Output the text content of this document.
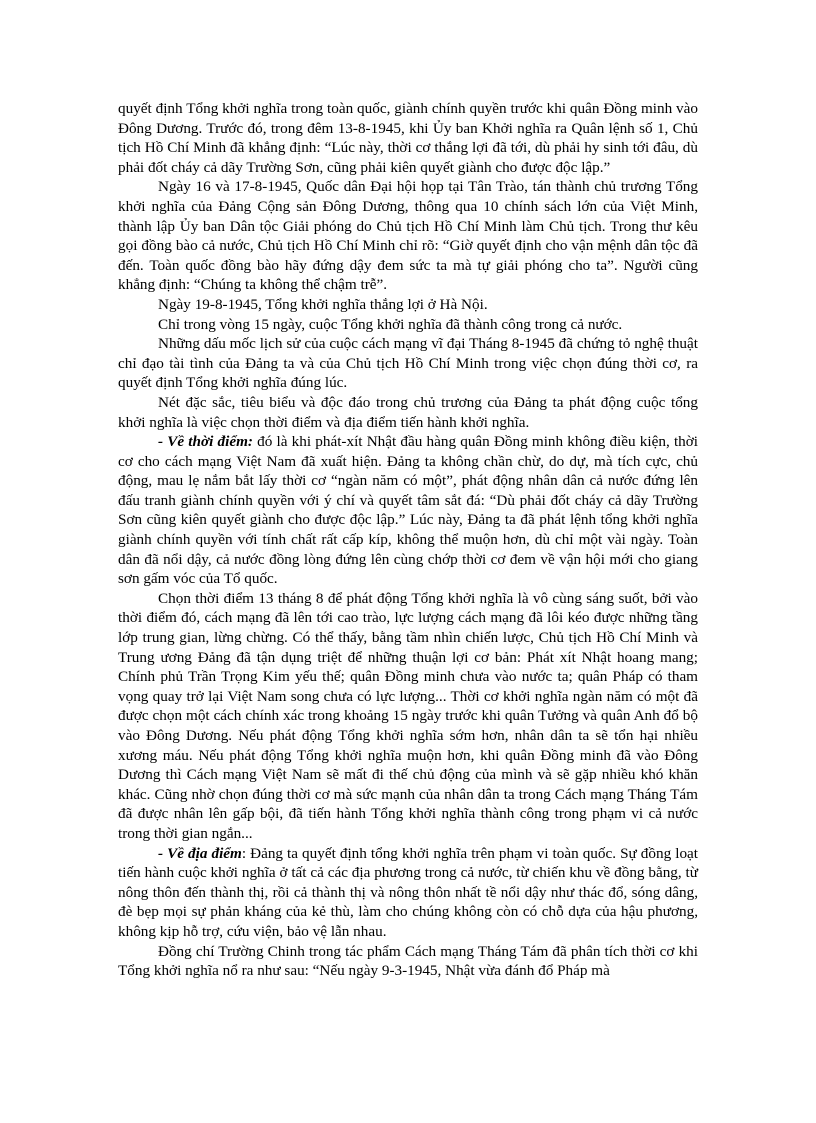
quyết định Tổng khởi nghĩa trong toàn quốc, giành chính quyền trước khi quân Đồng minh vào Đông Dương. Trước đó, trong đêm 13-8-1945, khi Ủy ban Khởi nghĩa ra Quân lệnh số 1, Chủ tịch Hồ Chí Minh đã khẳng định: “Lúc này, thời cơ thắng lợi đã tới, dù phải hy sinh tới đâu, dù phải đốt cháy cả dãy Trường Sơn, cũng phải kiên quyết giành cho được độc lập.”

Ngày 16 và 17-8-1945, Quốc dân Đại hội họp tại Tân Trào, tán thành chủ trương Tổng khởi nghĩa của Đảng Cộng sản Đông Dương, thông qua 10 chính sách lớn của Việt Minh, thành lập Ủy ban Dân tộc Giải phóng do Chủ tịch Hồ Chí Minh làm Chủ tịch. Trong thư kêu gọi đồng bào cả nước, Chủ tịch Hồ Chí Minh chỉ rõ: “Giờ quyết định cho vận mệnh dân tộc đã đến. Toàn quốc đồng bào hãy đứng dậy đem sức ta mà tự giải phóng cho ta”. Người cũng khẳng định: “Chúng ta không thể chậm trễ”.

Ngày 19-8-1945, Tổng khởi nghĩa thắng lợi ở Hà Nội.

Chỉ trong vòng 15 ngày, cuộc Tổng khởi nghĩa đã thành công trong cả nước.

Những dấu mốc lịch sử của cuộc cách mạng vĩ đại Tháng 8-1945 đã chứng tỏ nghệ thuật chỉ đạo tài tình của Đảng ta và của Chủ tịch Hồ Chí Minh trong việc chọn đúng thời cơ, ra quyết định Tổng khởi nghĩa đúng lúc.

Nét đặc sắc, tiêu biểu và độc đáo trong chủ trương của Đảng ta phát động cuộc tổng khởi nghĩa là việc chọn thời điểm và địa điểm tiến hành khởi nghĩa.

- Về thời điểm: đó là khi phát-xít Nhật đầu hàng quân Đồng minh không điều kiện, thời cơ cho cách mạng Việt Nam đã xuất hiện. Đảng ta không chần chừ, do dự, mà tích cực, chủ động, mau lẹ nắm bắt lấy thời cơ “ngàn năm có một”, phát động nhân dân cả nước đứng lên đấu tranh giành chính quyền với ý chí và quyết tâm sắt đá: “Dù phải đốt cháy cả dãy Trường Sơn cũng kiên quyết giành cho được độc lập.” Lúc này, Đảng ta đã phát lệnh tổng khởi nghĩa giành chính quyền với tính chất rất cấp kíp, không thể muộn hơn, dù chỉ một vài ngày. Toàn dân đã nổi dậy, cả nước đồng lòng đứng lên cùng chớp thời cơ đem về vận hội mới cho giang sơn gấm vóc của Tổ quốc.

Chọn thời điểm 13 tháng 8 để phát động Tổng khởi nghĩa là vô cùng sáng suốt, bởi vào thời điểm đó, cách mạng đã lên tới cao trào, lực lượng cách mạng đã lôi kéo được những tầng lớp trung gian, lừng chừng. Có thể thấy, bằng tầm nhìn chiến lược, Chủ tịch Hồ Chí Minh và Trung ương Đảng đã tận dụng triệt để những thuận lợi cơ bản: Phát xít Nhật hoang mang; Chính phủ Trần Trọng Kim yếu thế; quân Đồng minh chưa vào nước ta; quân Pháp có tham vọng quay trở lại Việt Nam song chưa có lực lượng... Thời cơ khởi nghĩa ngàn năm có một đã được chọn một cách chính xác trong khoảng 15 ngày trước khi quân Tưởng và quân Anh đổ bộ vào Đông Dương. Nếu phát động Tổng khởi nghĩa sớm hơn, nhân dân ta sẽ tổn hại nhiều xương máu. Nếu phát động Tổng khởi nghĩa muộn hơn, khi quân Đồng minh đã vào Đông Dương thì Cách mạng Việt Nam sẽ mất đi thế chủ động của mình và sẽ gặp nhiều khó khăn khác. Cũng nhờ chọn đúng thời cơ mà sức mạnh của nhân dân ta trong Cách mạng Tháng Tám đã được nhân lên gấp bội, đã tiến hành Tổng khởi nghĩa thành công trong phạm vi cả nước trong thời gian ngắn...

- Về địa điểm: Đảng ta quyết định tổng khởi nghĩa trên phạm vi toàn quốc. Sự đồng loạt tiến hành cuộc khởi nghĩa ở tất cả các địa phương trong cả nước, từ chiến khu về đồng bằng, từ nông thôn đến thành thị, rồi cả thành thị và nông thôn nhất tề nổi dậy như thác đổ, sóng dâng, đè bẹp mọi sự phản kháng của kẻ thù, làm cho chúng không còn có chỗ dựa của hậu phương, không kịp hỗ trợ, cứu viện, bảo vệ lẫn nhau.

Đồng chí Trường Chinh trong tác phẩm Cách mạng Tháng Tám đã phân tích thời cơ khi Tổng khởi nghĩa nổ ra như sau: “Nếu ngày 9-3-1945, Nhật vừa đánh đổ Pháp mà
